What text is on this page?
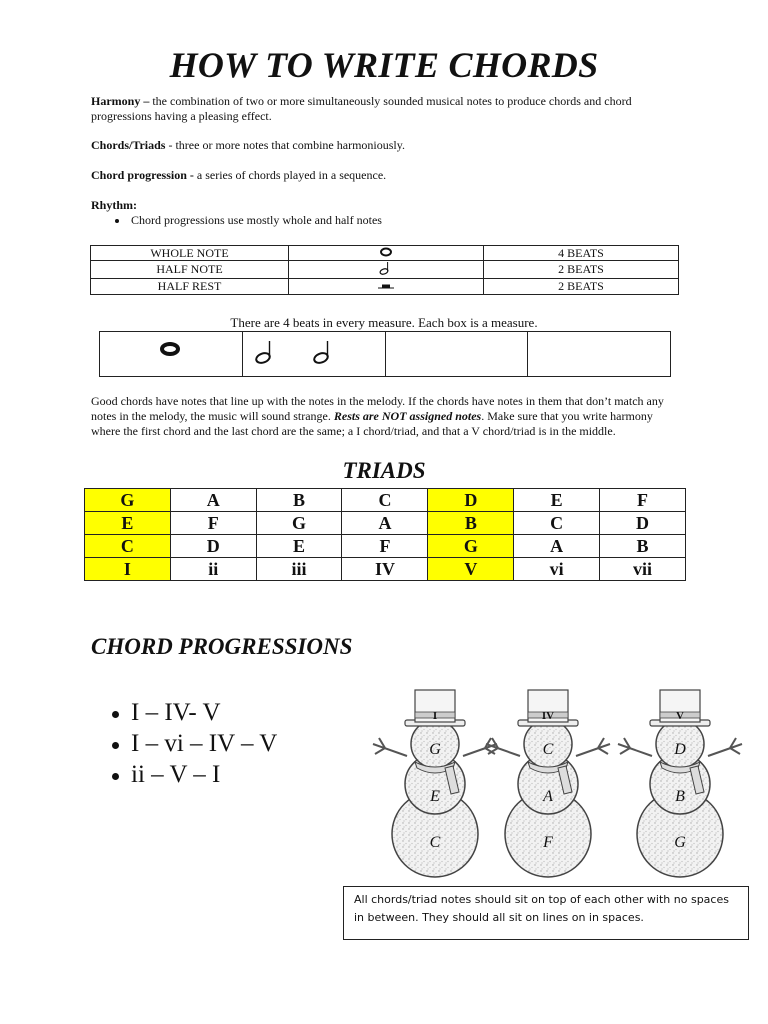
HOW TO WRITE CHORDS
Harmony – the combination of two or more simultaneously sounded musical notes to produce chords and chord progressions having a pleasing effect.
Chords/Triads - three or more notes that combine harmoniously.
Chord progression - a series of chords played in a sequence.
Rhythm:
Chord progressions use mostly whole and half notes
WHOLE NOTE		4 BEATS
HALF NOTE		2 BEATS
HALF REST		2 BEATS
There are 4 beats in every measure. Each box is a measure.
Good chords have notes that line up with the notes in the melody. If the chords have notes in them that don’t match any notes in the melody, the music will sound strange. Rests are NOT assigned notes. Make sure that you write harmony where the first chord and the last chord are the same; a I chord/triad, and that a V chord/triad is in the middle.
TRIADS
G	A	B	C	D	E	F
E	F	G	A	B	C	D
C	D	E	F	G	A	B
I	ii	iii	IV	V	vi	vii
CHORD PROGRESSIONS
I – IV- V
I – vi – IV – V
ii – V – I
I
G
E
C
IV
C
A
F
V
D
B
G
All chords/triad notes should sit on top of each other with no spaces in between. They should all sit on lines on in spaces.
